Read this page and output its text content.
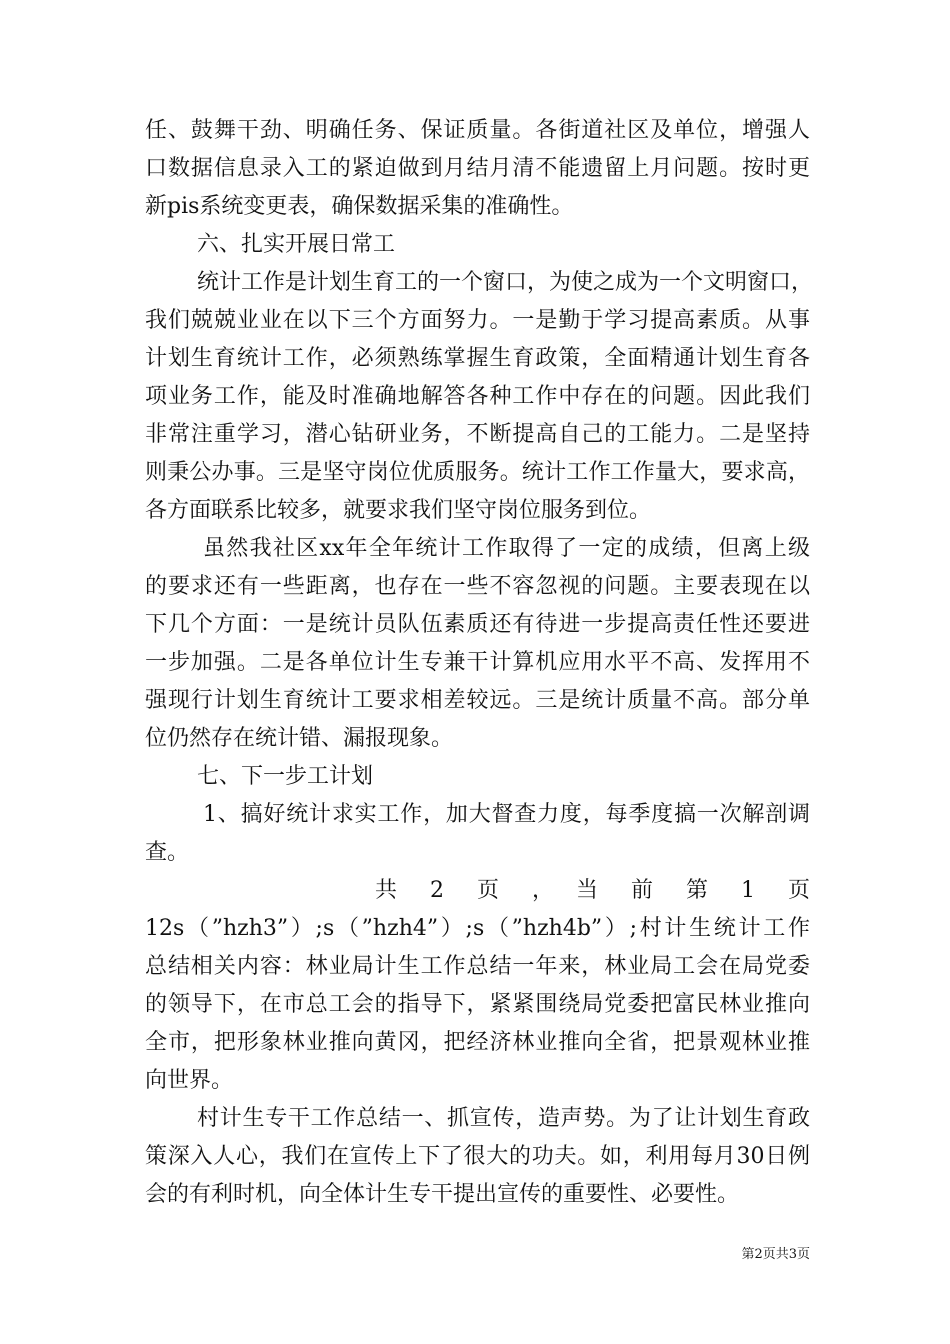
任、鼓舞干劲、明确任务、保证质量。各街道社区及单位，增强人
口数据信息录入工的紧迫做到月结月清不能遗留上月问题。按时更
新pis系统变更表，确保数据采集的准确性。
六、扎实开展日常工
统计工作是计划生育工的一个窗口，为使之成为一个文明窗口，
我们兢兢业业在以下三个方面努力。一是勤于学习提高素质。从事
计划生育统计工作，必须熟练掌握生育政策，全面精通计划生育各
项业务工作，能及时准确地解答各种工作中存在的问题。因此我们
非常注重学习，潜心钻研业务，不断提高自己的工能力。二是坚持
则秉公办事。三是坚守岗位优质服务。统计工作工作量大，要求高，
各方面联系比较多，就要求我们坚守岗位服务到位。
虽然我社区xx年全年统计工作取得了一定的成绩，但离上级
的要求还有一些距离，也存在一些不容忽视的问题。主要表现在以
下几个方面：一是统计员队伍素质还有待进一步提高责任性还要进
一步加强。二是各单位计生专兼干计算机应用水平不高、发挥用不
强现行计划生育统计工要求相差较远。三是统计质量不高。部分单
位仍然存在统计错、漏报现象。
七、下一步工计划
1、搞好统计求实工作，加大督查力度，每季度搞一次解剖调
查。
共　2　页　，　当　前　第　1　页
12s（”hzh3”）;s（”hzh4”）;s（”hzh4b”）;村计生统计工作
总结相关内容：林业局计生工作总结一年来，林业局工会在局党委
的领导下，在市总工会的指导下，紧紧围绕局党委把富民林业推向
全市，把形象林业推向黄冈，把经济林业推向全省，把景观林业推
向世界。
村计生专干工作总结一、抓宣传，造声势。为了让计划生育政
策深入人心，我们在宣传上下了很大的功夫。如，利用每月30日例
会的有利时机，向全体计生专干提出宣传的重要性、必要性。
第2页共3页
